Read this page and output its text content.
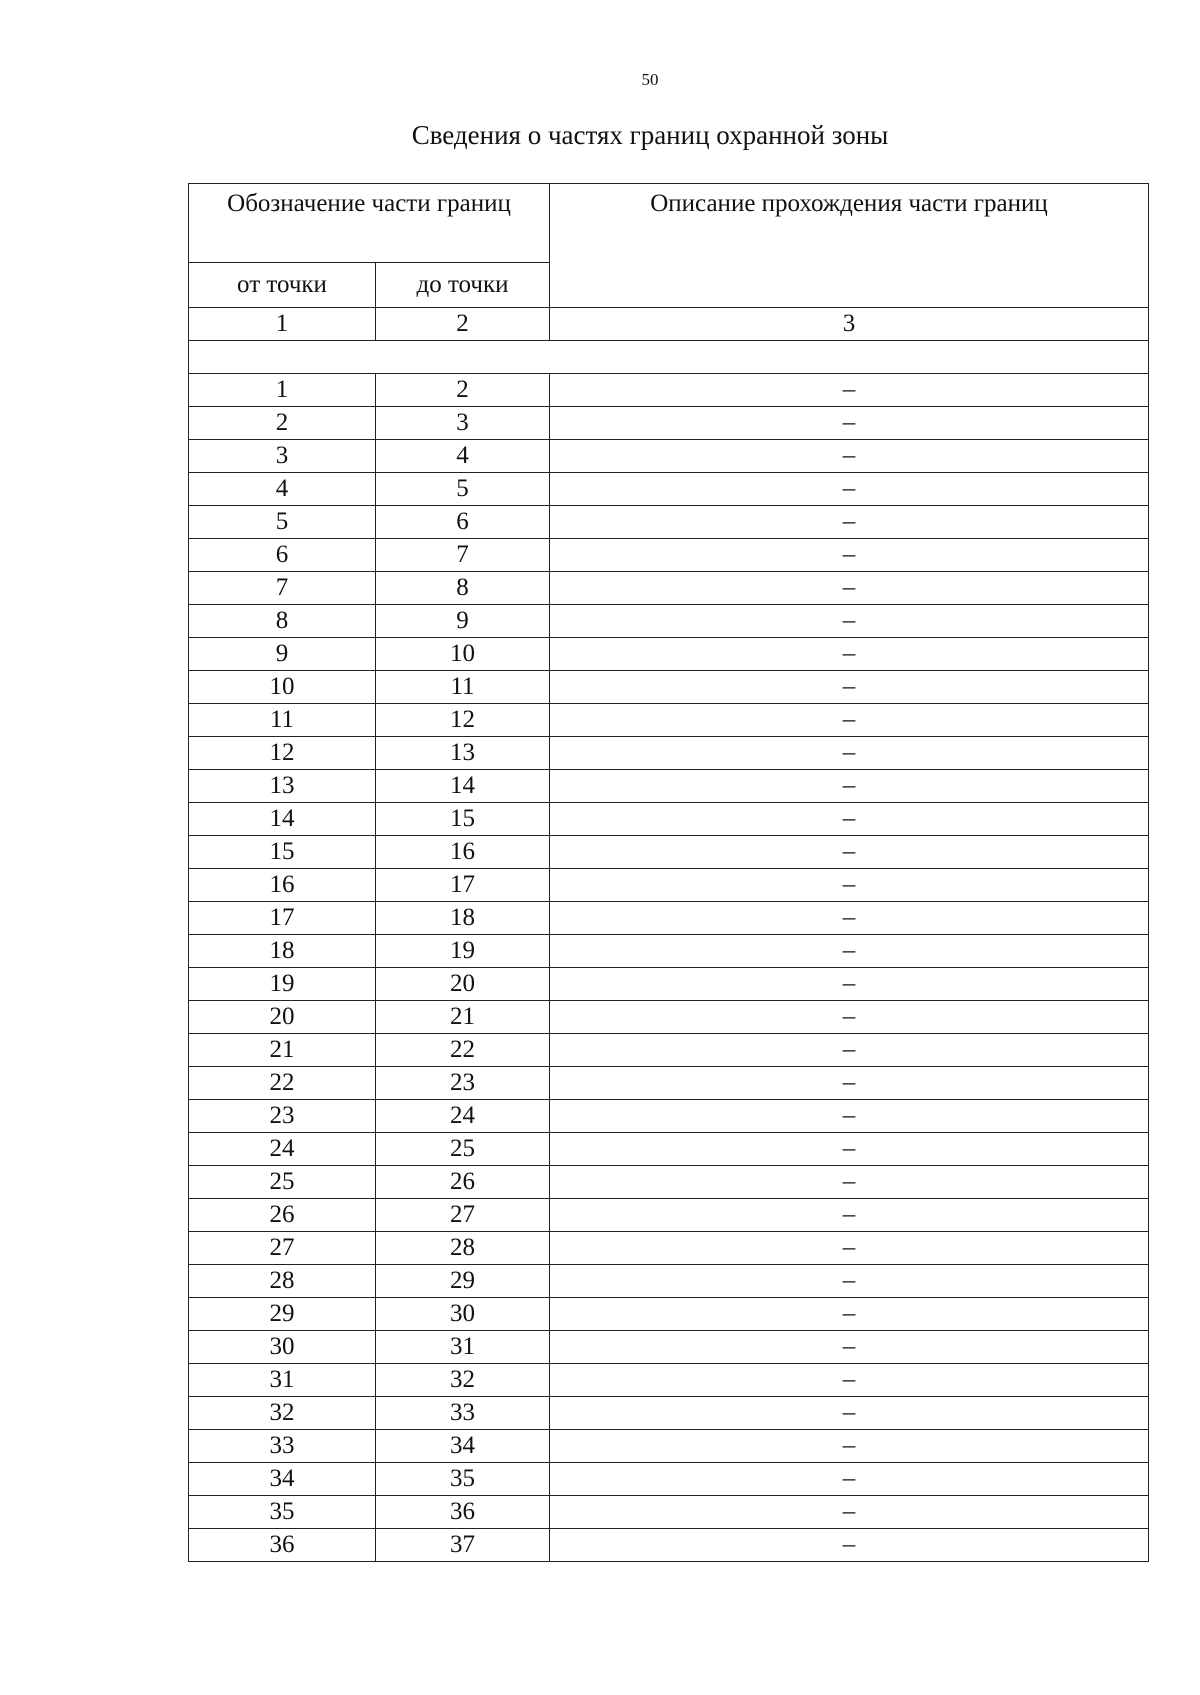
50
Сведения о частях границ охранной зоны
Обозначение части границ		Описание прохождения части границ
от точки	до точки	
1	2	3

1	2	–
2	3	–
3	4	–
4	5	–
5	6	–
6	7	–
7	8	–
8	9	–
9	10	–
10	11	–
11	12	–
12	13	–
13	14	–
14	15	–
15	16	–
16	17	–
17	18	–
18	19	–
19	20	–
20	21	–
21	22	–
22	23	–
23	24	–
24	25	–
25	26	–
26	27	–
27	28	–
28	29	–
29	30	–
30	31	–
31	32	–
32	33	–
33	34	–
34	35	–
35	36	–
36	37	–
